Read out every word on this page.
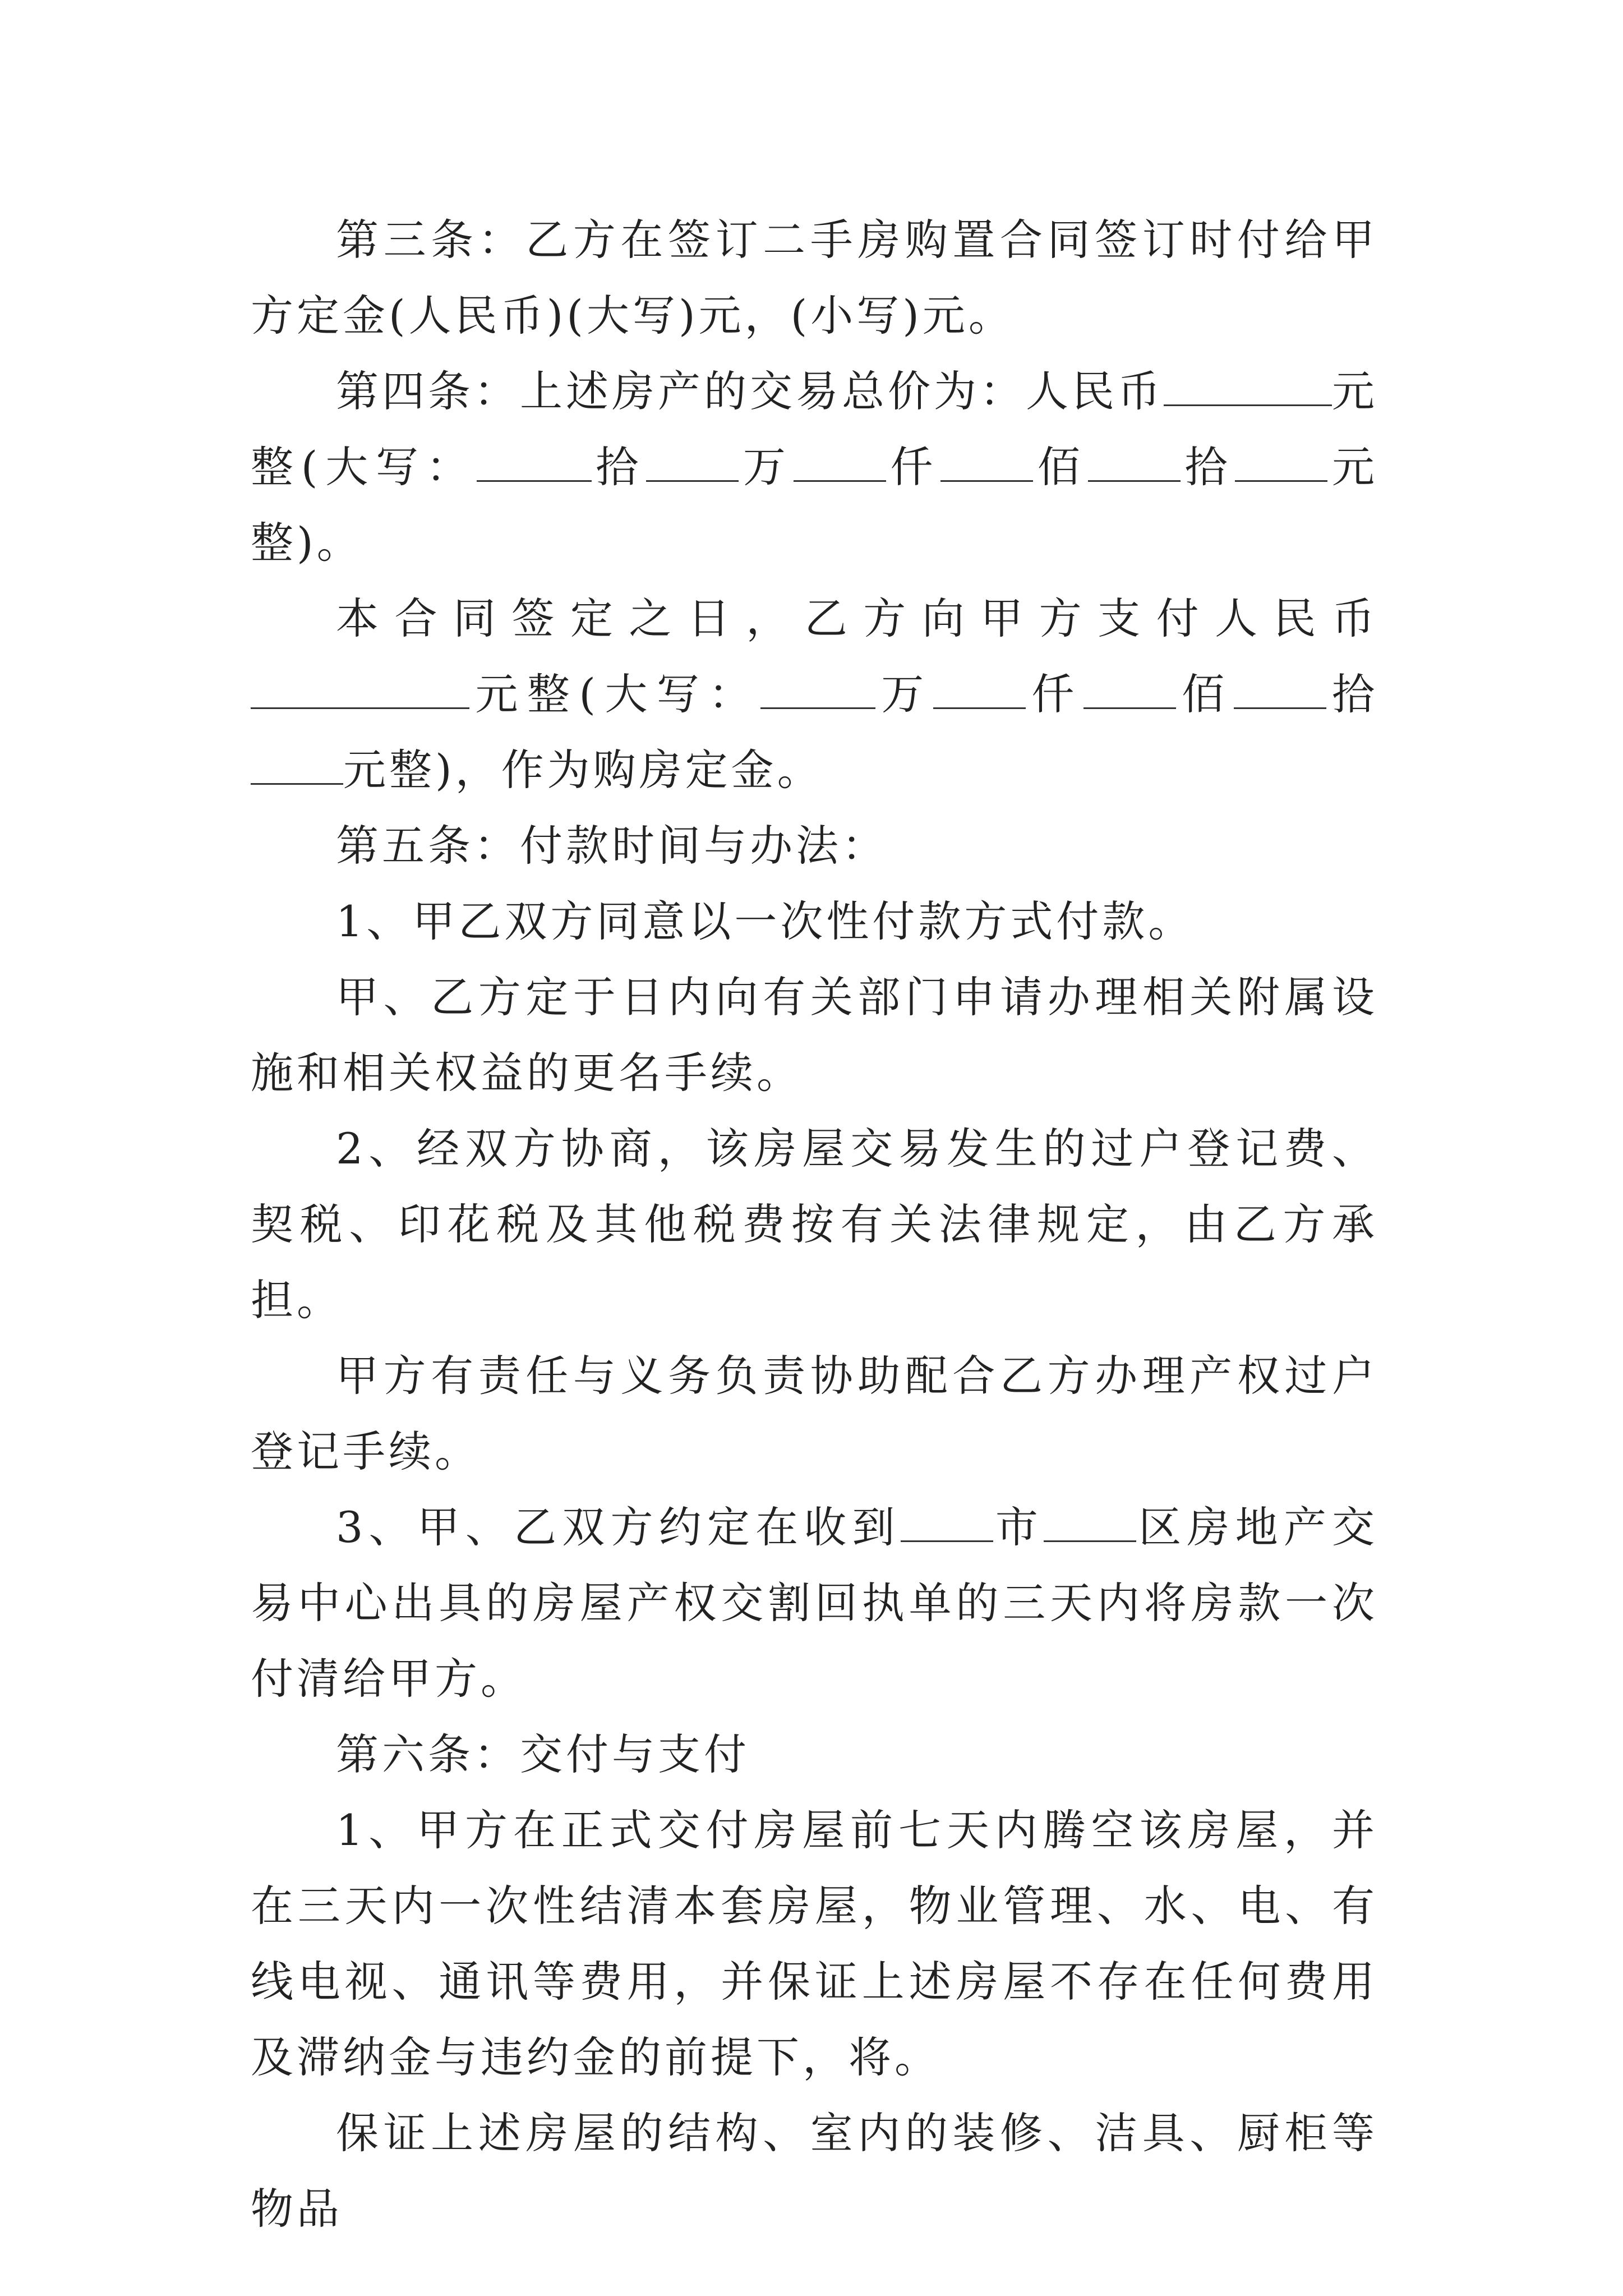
第三条：乙方在签订二手房购置合同签订时付给甲方定金(人民币)(大写)元，(小写)元。

第四条：上述房产的交易总价为：人民币	元整(大写：	拾 万 仟 佰 拾 元整)。

本合同签定之日，乙方向甲方支付人民币元整(大写：	万 仟 佰 拾元整)，作为购房定金。

第五条：付款时间与办法：

1、甲乙双方同意以一次性付款方式付款。

甲、乙方定于日内向有关部门申请办理相关附属设施和相关权益的更名手续。

2、经双方协商，该房屋交易发生的过户登记费、契税、印花税及其他税费按有关法律规定，由乙方承担。

甲方有责任与义务负责协助配合乙方办理产权过户登记手续。

3、甲、乙双方约定在收到 市 区房地产交易中心出具的房屋产权交割回执单的三天内将房款一次付清给甲方。

第六条：交付与支付

1、甲方在正式交付房屋前七天内腾空该房屋，并在三天内一次性结清本套房屋，物业管理、水、电、有线电视、通讯等费用，并保证上述房屋不存在任何费用及滞纳金与违约金的前提下，将。

保证上述房屋的结构、室内的装修、洁具、厨柜等物品
